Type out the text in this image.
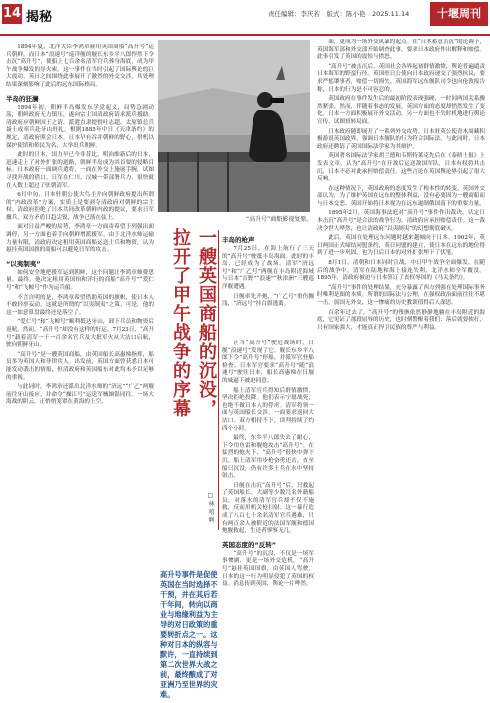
14 揭秘	责任编辑：李庆若　版式：陈小艳　2025.11.14	十堰周刊

1894年夏，北洋大臣李鸿章雇用英国商船“高升号”运兵朝鲜。而日本“浪速号”巡洋舰的舰长东乡平八郎悍然下令击沉“高升号”，使船上七百余名清军官兵葬身海底，成为甲午战争爆发的导火索。这一事件在当时引起了国际舆论的巨大震动，英日之间围绕此事展开了激烈的外交交涉，其处理结果深刻影响了此后的远东国际格局。

半岛的狂澜

1894年初，朝鲜半岛爆发东学党起义，局势急剧动荡，朝鲜政府无力镇压，遂向宗主国清政府请求派兵援助。清政府应朝鲜国王之请，派遣直隶提督叶志超、太原镇总兵聂士成率兵赴牙山驻扎。根据1885年中日《天津条约》的规定，清政府照会日本。日本早有吞并朝鲜的野心，借机以保护使馆和侨民为名，大举出兵朝鲜。

此时的日本，国力早已今非昔比。明治维新后的日本，迅速走上了对外扩张的道路，朝鲜半岛成为其首要的侵略目标。日本政府一面调兵遣将，一面在外交上施展手腕，试图寻找开战的借口。日军在仁川、汉城一带部署兵力，很快就在人数上超过了驻朝清军。

6月中旬，日本驻朝公使大鸟圭介向朝鲜政府提出所谓的“内政改革”方案，实质上是要剥夺清政府对朝鲜的宗主权。清政府拒绝了日本共同改革朝鲜内政的提议，要求日军撤兵，双方矛盾日趋尖锐，战争已箭在弦上。

面对日益严峻的局势，李鸿章一方面寄希望于列强出面调停，另一方面也着手向朝鲜增派援军。由于北洋水师运输力量有限，清政府决定租用英国商船运送士兵和物资，认为悬挂英国国旗的商船可以避免日军的攻击。

“以夷制夷”

如何安全地把援军运到朝鲜，这个问题让李鸿章颇费思量。最终，他决定租用英国怡和洋行的商船“高升号”“爱仁号”和“飞鲸号”作为运兵船。

不言自明的是，李鸿章希望借助英国的旗帜，使日本人不敢轻举妄动。这就是所谓的“以夷制夷”之策。可是，他的这一如意算盘最终还是落空了。

“爱仁号”和“飞鲸号”顺利抵达牙山，卸下兵员和物资后返航。然而，“高升号”却没有这样的好运。7月23日，“高升号”载着清军一千一百余名官兵及大批军火从大沽口启航，驶向朝鲜牙山。

“高升号”是一艘英国商船，由英国船长高惠悌指挥，船员多为英国人和菲律宾人。出发前，英国方面曾获悉日本可能发动袭击的情报，但清政府和英国船东对此均未予以足够的重视。

与此同时，李鸿章还派出北洋水师的“济远”“广乙”两舰前往牙山接应，并命令“操江号”运送军械饷银同往。一场大海战的阴云，正悄悄笼罩在黄海的上空。

“高升号”商船影视复原。
一艘英国商船的沉没，
拉开了甲午战争的序幕
□ 林 嘻 啊
高升号事件是促使英国在当时选择不干预，并在其后若干年间，转向以商业与地缘利益为主导的对日政策的重要转折点之一。这种对日本的纵容与默许，一直持续到第二次世界大战之前，最终酿成了对亚洲乃至世界的灾难。
丰岛的枪声

7月25日，在海上航行了三天的“高升号”驶抵丰岛海面。此时的丰岛，已经成为了战场。清军“济远号”和“广乙号”两舰在丰岛附近海域与日本“吉野”“浪速”“秋津洲”三艘巡洋舰遭遇。

日舰率先开炮，“广乙号”重伤搁浅，“济远号”挂白旗逃离。

正当“高升号”驶近战场时，日舰“浪速号”发现了它。舰长东乡平八郎下令“高升号”停船，并派军官登船检查。日本军官要求“高升号”随“浪速号”驶往日本，船长高惠悌在日舰的威逼下被迫同意。

船上清军官兵得知后群情激愤，坚决拒绝投降。他们表示宁愿战死，也绝不做日本人的俘虏。清军将领一面与英国船长交涉，一面要求返回大沽口。双方相持不下，谈判持续了约四个小时。

最终，东乡平八郎失去了耐心，下令用鱼雷和舰炮攻击“高升号”。在猛烈的炮火下，“高升号”很快中弹下沉。船上清军用步枪奋勇还击，直至船只沉没，仍有许多士兵在水中坚持射击。

日舰在击沉“高升号”后，只救起了英国船长、大副等少数几名外籍船员，对落水的清军官兵却不仅不施救，反而用机关枪扫射。这一暴行造成了八百七十余名清军官兵遇难，只有两百余人被附近的法国军舰和德国炮舰救起，生还者寥寥无几。

英国态度的“反转”

“高升号”的沉没，不仅是一场军事惨剧，更是一场外交危机。“高升号”悬挂英国国旗，由英国人驾驶，日本的这一行为明显侵犯了英国的权益。消息传到英国，舆论一片哗然。

面，更成为一场外交风暴的起点。在“日本蓄意击沉”的论调下，英国海军部和外交部开始调查此事，要求日本政府作出解释和赔偿。此事引发了英国的震惊与愤怒。

“高升号”被击沉后，英国社会各界起初群情激愤，舆论普遍谴责日本海军的野蛮行径。英国驻日公使向日本政府递交了强烈抗议，要求严惩肇事者，赔偿一切损失。英国海军远东舰队司令也向伦敦报告称，日本的行为是不可容忍的。

英国政府在事件发生后的最初阶段表现强硬，一时间两国关系骤然紧张。然而，伴随着事态的发展，英国方面的态度却悄然发生了变化。日本一方面积极展开外交活动，另一方面也不失时机地进行舆论宣传，试图扭转局面。

日本政府随即展开了一系列外交攻势。日本驻英公使青木周藏积极游说英国政界，强调日本舰队的行为符合国际法。与此同时，日本政府还聘请了英国国际法学家为其辩护。

英国著名国际法学家胡兰德和韦斯特莱克先后在《泰晤士报》上发表文章，认为“高升号”在开战后运送敌国军队，日本有权将其击沉，日本不必对此承担赔偿责任。这些言论在英国舆论界引起了很大反响。

在这种情况下，英国政府的态度发生了根本性的转变。英国外交部认为，为了维护英国在远东的整体利益，没有必要因为一艘商船而与日本交恶。英国开始将日本视为在远东遏制俄国南下的重要力量。

1895年2月，英国海事法庭对“高升号”事件作出裁决，认定日本击沉“高升号”是合法的战争行为，清政府应承担赔偿责任。这一裁决令世人哗然，也让清政府“以夷制夷”的幻想彻底破灭。

此后，英国在处理远东问题时越来越倾向于日本。1902年，英日两国正式缔结同盟条约，英日同盟的建立，使日本在远东的地位得到了进一步巩固，也为日后日本的对外扩张埋下了伏笔。

8月1日，清朝和日本同时宣战，中日甲午战争全面爆发。在随后的战争中，清军在陆地和海上接连失利，北洋水师全军覆没。1895年，清政府被迫与日本签订了丧权辱国的《马关条约》。

“高升号”事件的处理结果，充分暴露了西方列强在处理国际事务时唯利是图的本质。所谓的国际法与公理，在强权政治面前往往不堪一击。弱国无外交，这一惨痛的历史教训值得后人深思。

百余年过去了，“高升号”的残骸依然静静地躺在丰岛附近的海底，它见证了那段屈辱的历史，也时刻警醒着我们：落后就要挨打，只有国家强大，才能真正捍卫民族的尊严与利益。
